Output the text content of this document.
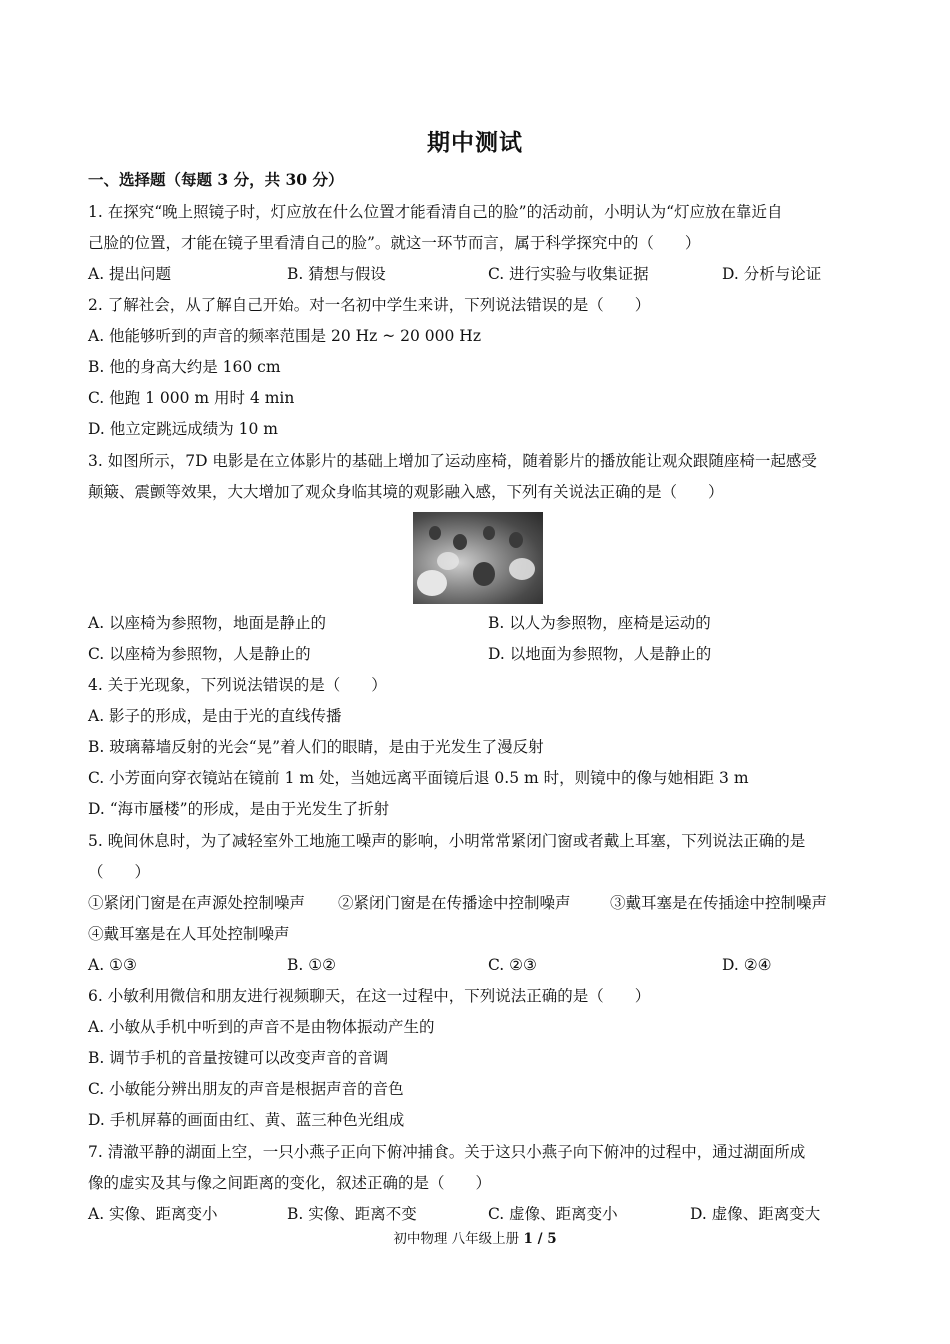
期中测试
一、选择题（每题 3 分，共 30 分）
1. 在探究“晚上照镜子时，灯应放在什么位置才能看清自己的脸”的活动前，小明认为“灯应放在靠近自
己脸的位置，才能在镜子里看清自己的脸”。就这一环节而言，属于科学探究中的（　　）
A. 提出问题	B. 猜想与假设	C. 进行实验与收集证据	D. 分析与论证
2. 了解社会，从了解自己开始。对一名初中学生来讲，下列说法错误的是（　　）
A. 他能够听到的声音的频率范围是 20 Hz ~ 20 000 Hz
B. 他的身高大约是 160 cm
C. 他跑 1 000 m 用时 4 min
D. 他立定跳远成绩为 10 m
3. 如图所示，7D 电影是在立体影片的基础上增加了运动座椅，随着影片的播放能让观众跟随座椅一起感受
颠簸、震颤等效果，大大增加了观众身临其境的观影融入感，下列有关说法正确的是（　　）
A. 以座椅为参照物，地面是静止的	B. 以人为参照物，座椅是运动的
C. 以座椅为参照物，人是静止的	D. 以地面为参照物，人是静止的
4. 关于光现象，下列说法错误的是（　　）
A. 影子的形成，是由于光的直线传播
B. 玻璃幕墙反射的光会“晃”着人们的眼睛，是由于光发生了漫反射
C. 小芳面向穿衣镜站在镜前 1 m 处，当她远离平面镜后退 0.5 m 时，则镜中的像与她相距 3 m
D. “海市蜃楼”的形成，是由于光发生了折射
5. 晚间休息时，为了减轻室外工地施工噪声的影响，小明常常紧闭门窗或者戴上耳塞，下列说法正确的是
（　　）
①紧闭门窗是在声源处控制噪声 ②紧闭门窗是在传播途中控制噪声	③戴耳塞是在传插途中控制噪声
④戴耳塞是在人耳处控制噪声
A. ①③	B. ①②	C. ②③	D. ②④
6. 小敏利用微信和朋友进行视频聊天，在这一过程中，下列说法正确的是（　　）
A. 小敏从手机中听到的声音不是由物体振动产生的
B. 调节手机的音量按键可以改变声音的音调
C. 小敏能分辨出朋友的声音是根据声音的音色
D. 手机屏幕的画面由红、黄、蓝三种色光组成
7. 清澈平静的湖面上空，一只小燕子正向下俯冲捕食。关于这只小燕子向下俯冲的过程中，通过湖面所成
像的虚实及其与像之间距离的变化，叙述正确的是（　　）
A. 实像、距离变小	B. 实像、距离不变	C. 虚像、距离变小	D. 虚像、距离变大
初中物理 八年级上册 1 / 5
